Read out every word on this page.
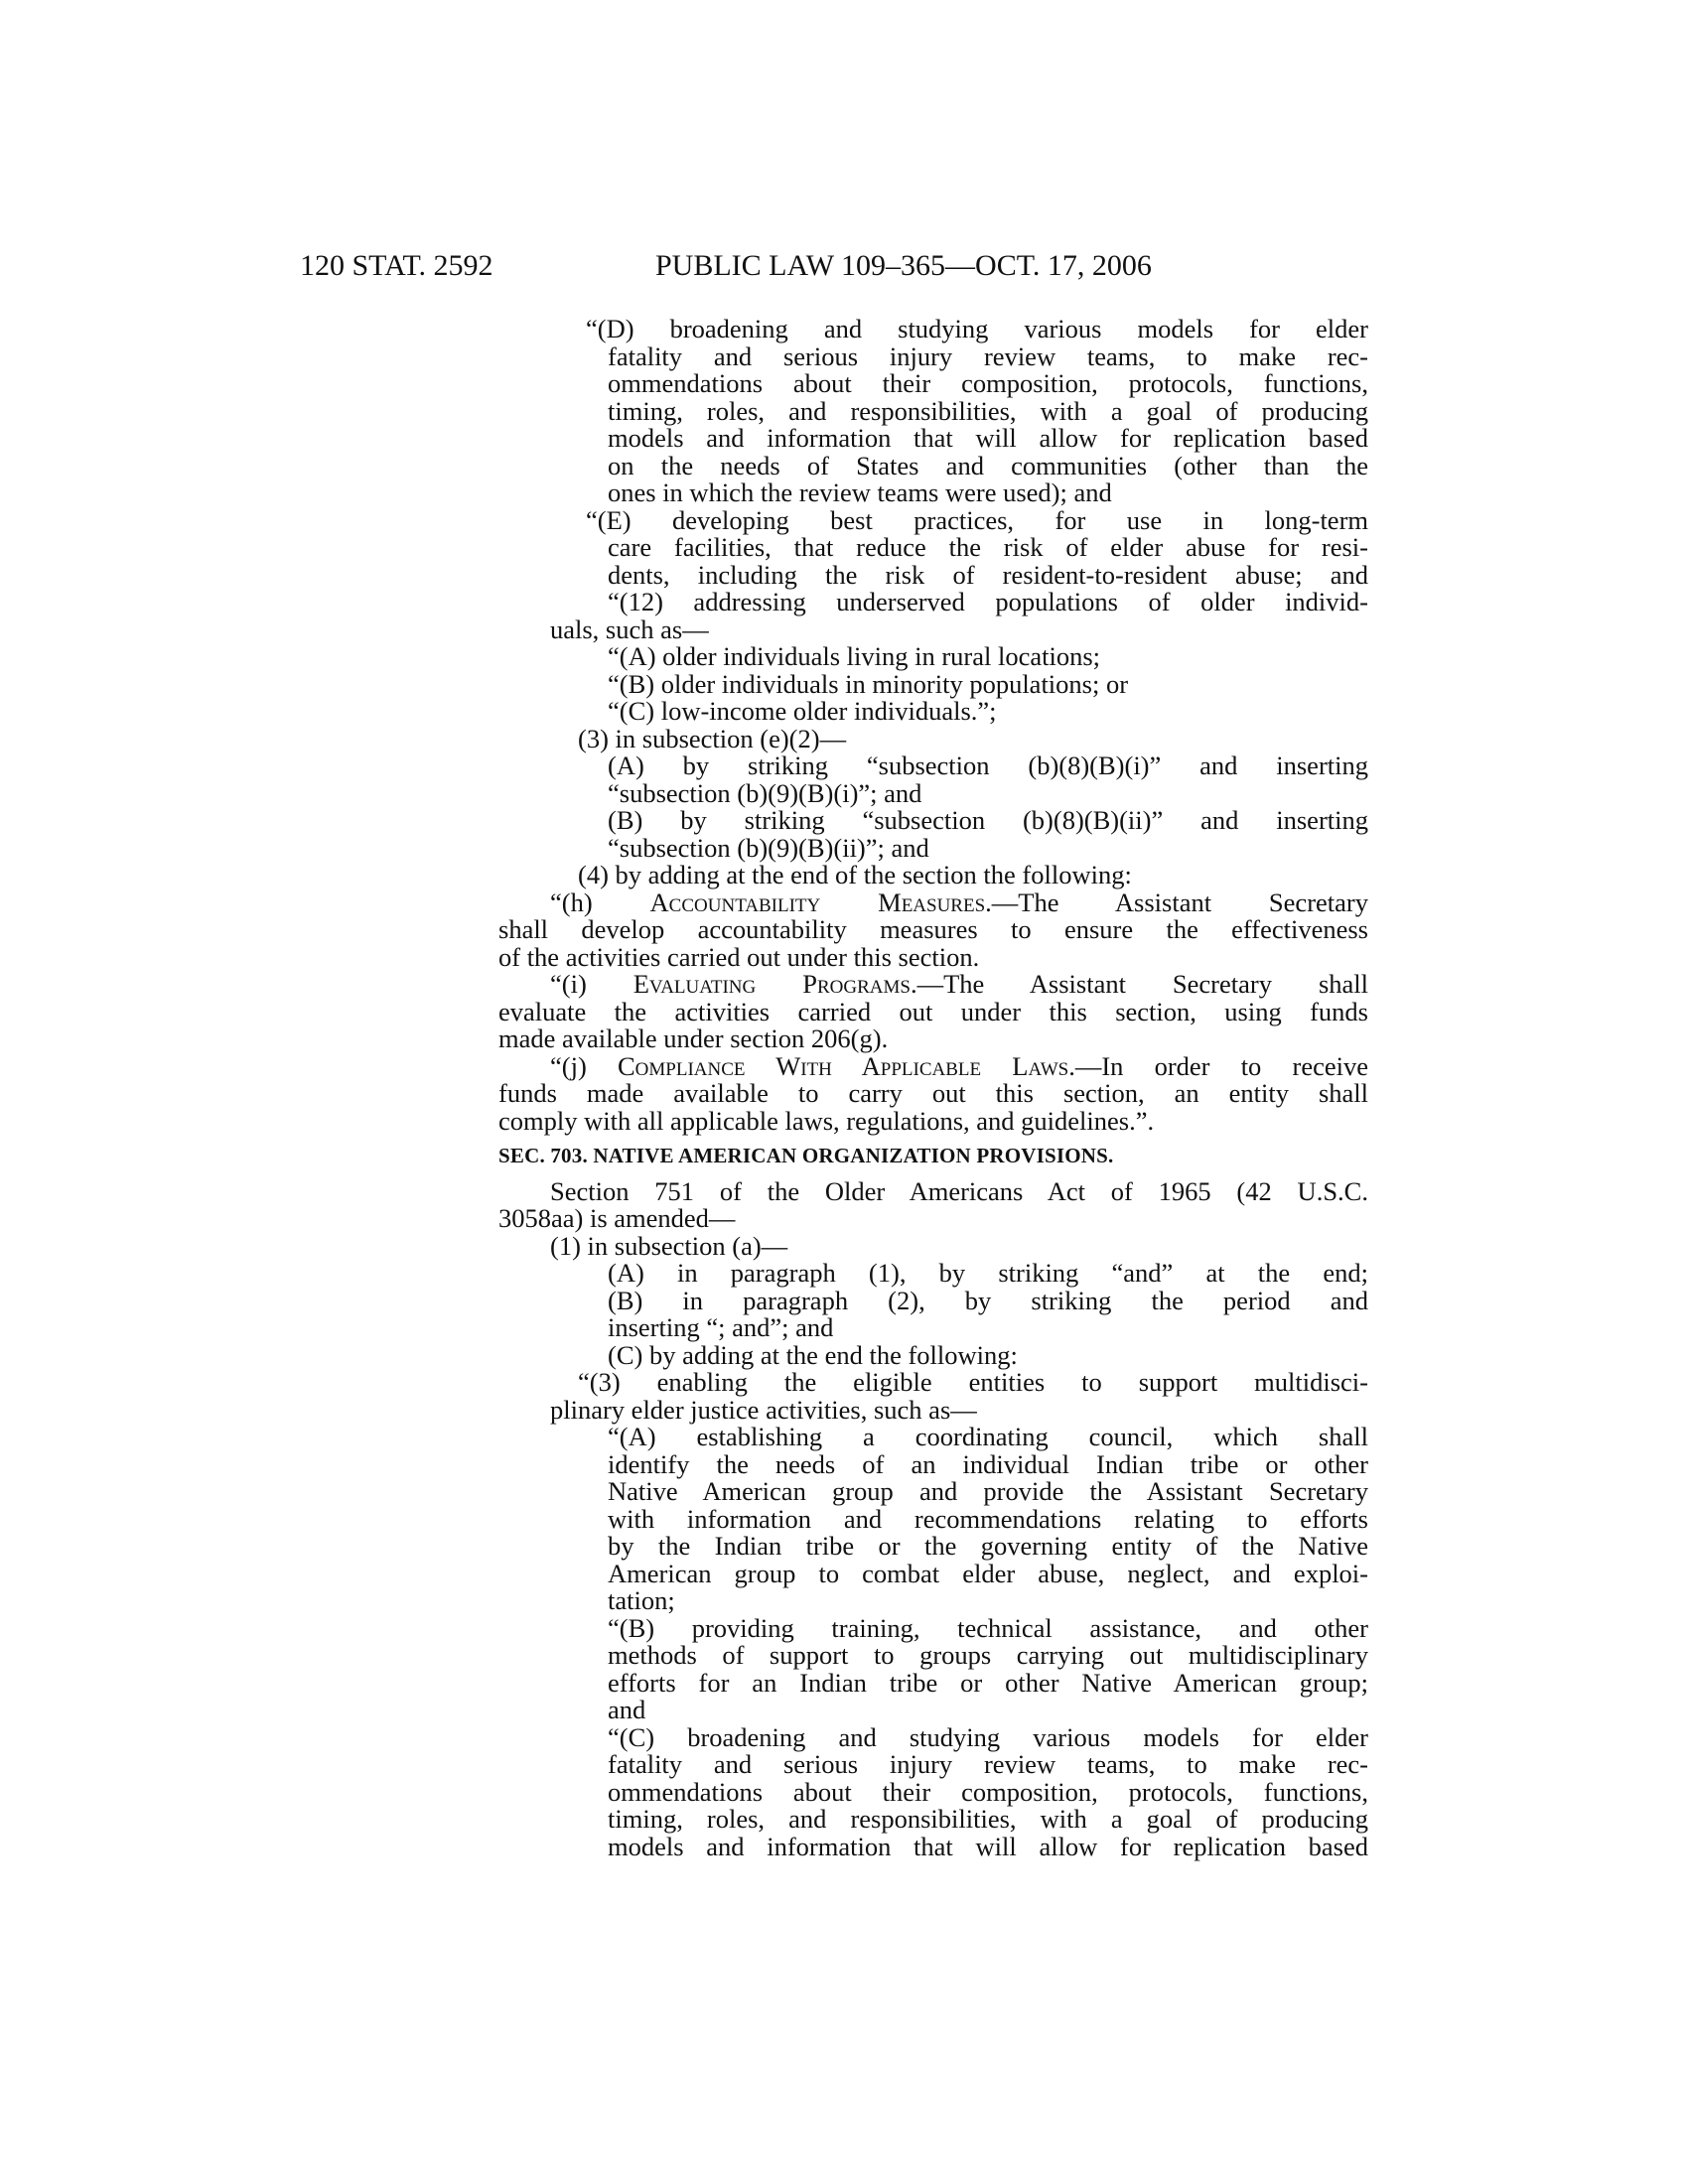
120 STAT. 2592	PUBLIC LAW 109–365—OCT. 17, 2006
“(D) broadening and studying various models for elder
fatality and serious injury review teams, to make rec-
ommendations about their composition, protocols, functions,
timing, roles, and responsibilities, with a goal of producing
models and information that will allow for replication based
on the needs of States and communities (other than the
ones in which the review teams were used); and
“(E) developing best practices, for use in long-term
care facilities, that reduce the risk of elder abuse for resi-
dents, including the risk of resident-to-resident abuse; and
“(12) addressing underserved populations of older individ-
uals, such as—
“(A) older individuals living in rural locations;
“(B) older individuals in minority populations; or
“(C) low-income older individuals.”;
(3) in subsection (e)(2)—
(A) by striking “subsection (b)(8)(B)(i)” and inserting
“subsection (b)(9)(B)(i)”; and
(B) by striking “subsection (b)(8)(B)(ii)” and inserting
“subsection (b)(9)(B)(ii)”; and
(4) by adding at the end of the section the following:
“(h) Accountability Measures.—The Assistant Secretary
shall develop accountability measures to ensure the effectiveness
of the activities carried out under this section.
“(i) Evaluating Programs.—The Assistant Secretary shall
evaluate the activities carried out under this section, using funds
made available under section 206(g).
“(j) Compliance With Applicable Laws.—In order to receive
funds made available to carry out this section, an entity shall
comply with all applicable laws, regulations, and guidelines.”.
SEC. 703. NATIVE AMERICAN ORGANIZATION PROVISIONS.
Section 751 of the Older Americans Act of 1965 (42 U.S.C.
3058aa) is amended—
(1) in subsection (a)—
(A) in paragraph (1), by striking “and” at the end;
(B) in paragraph (2), by striking the period and
inserting “; and”; and
(C) by adding at the end the following:
“(3) enabling the eligible entities to support multidisci-
plinary elder justice activities, such as—
“(A) establishing a coordinating council, which shall
identify the needs of an individual Indian tribe or other
Native American group and provide the Assistant Secretary
with information and recommendations relating to efforts
by the Indian tribe or the governing entity of the Native
American group to combat elder abuse, neglect, and exploi-
tation;
“(B) providing training, technical assistance, and other
methods of support to groups carrying out multidisciplinary
efforts for an Indian tribe or other Native American group;
and
“(C) broadening and studying various models for elder
fatality and serious injury review teams, to make rec-
ommendations about their composition, protocols, functions,
timing, roles, and responsibilities, with a goal of producing
models and information that will allow for replication based
